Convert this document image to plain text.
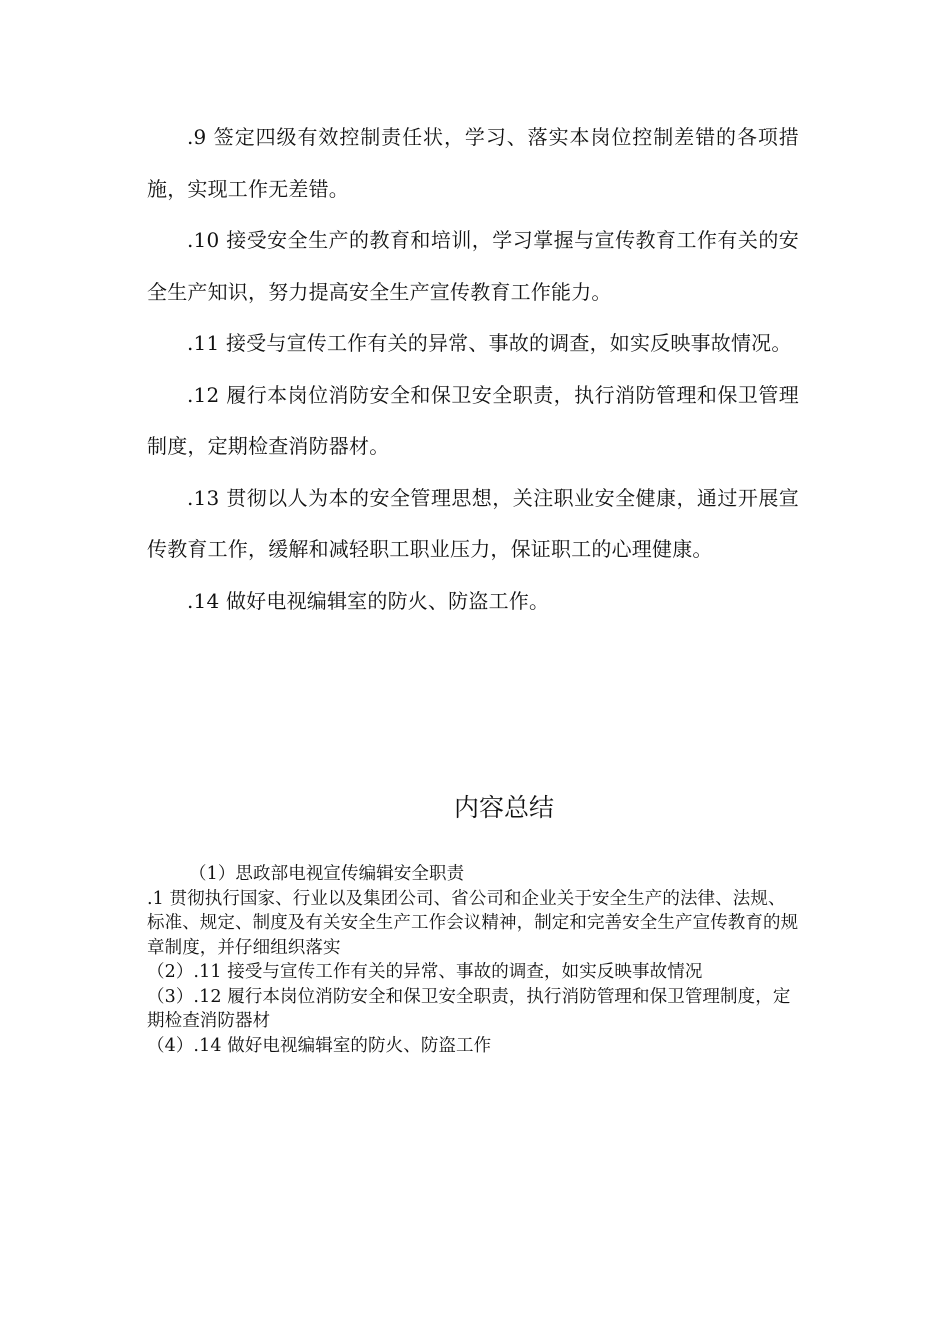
.9 签定四级有效控制责任状，学习、落实本岗位控制差错的各项措施，实现工作无差错。

.10 接受安全生产的教育和培训，学习掌握与宣传教育工作有关的安全生产知识，努力提高安全生产宣传教育工作能力。

.11 接受与宣传工作有关的异常、事故的调查，如实反映事故情况。

.12 履行本岗位消防安全和保卫安全职责，执行消防管理和保卫管理制度，定期检查消防器材。

.13 贯彻以人为本的安全管理思想，关注职业安全健康，通过开展宣传教育工作，缓解和减轻职工职业压力，保证职工的心理健康。

.14 做好电视编辑室的防火、防盗工作。

内容总结

（1）思政部电视宣传编辑安全职责

.1 贯彻执行国家、行业以及集团公司、省公司和企业关于安全生产的法律、法规、标准、规定、制度及有关安全生产工作会议精神，制定和完善安全生产宣传教育的规章制度，并仔细组织落实

（2）.11 接受与宣传工作有关的异常、事故的调查，如实反映事故情况

（3）.12 履行本岗位消防安全和保卫安全职责，执行消防管理和保卫管理制度，定期检查消防器材

（4）.14 做好电视编辑室的防火、防盗工作
